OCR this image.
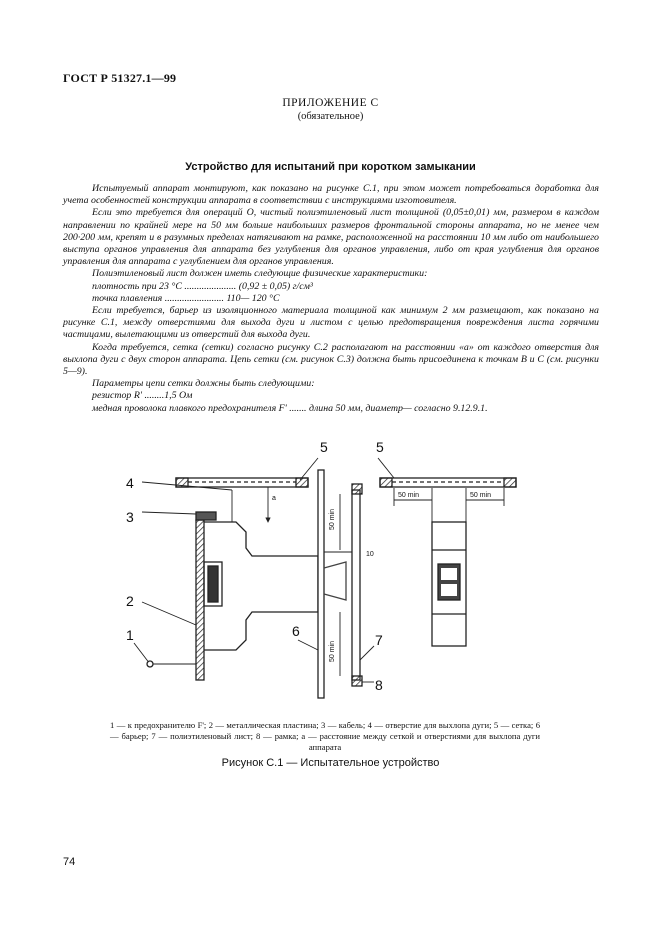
ГОСТ Р 51327.1—99
ПРИЛОЖЕНИЕ С
(обязательное)
Устройство для испытаний при коротком замыкании

Испытуемый аппарат монтируют, как показано на рисунке С.1, при этом может потребоваться доработка для учета особенностей конструкции аппарата в соответствии с инструкциями изготовителя.

Если это требуется для операций О, чистый полиэтиленовый лист толщиной (0,05±0,01) мм, размером в каждом направлении по крайней мере на 50 мм больше наибольших размеров фронтальной стороны аппарата, но не менее чем 200·200 мм, крепят и в разумных пределах натягивают на рамке, расположенной на расстоянии 10 мм либо от наибольшего выступа органов управления для аппарата без углубления для органов управления, либо от края углубления для органов управления для аппарата с углублением для органов управления.

Полиэтиленовый лист должен иметь следующие физические характеристики:

плотность при 23 °С ..................... (0,92 ± 0,05) г/см³

точка плавления ........................ 110— 120 °С

Если требуется, барьер из изоляционного материала толщиной как минимум 2 мм размещают, как показано на рисунке С.1, между отверстиями для выхода дуги и листом с целью предотвращения повреждения листа горячими частицами, вылетающими из отверстий для выхода дуги.

Когда требуется, сетка (сетки) согласно рисунку С.2 располагают на расстоянии «а» от каждого отверстия для выхлопа дуги с двух сторон аппарата. Цепь сетки (см. рисунок С.3) должна быть присоединена к точкам В и С (см. рисунки 5—9).

Параметры цепи сетки должны быть следующими:

резистор R' ........1,5 Ом

медная проволока плавкого предохранителя F' ....... длина 50 мм, диаметр— согласно 9.12.9.1.

4
3
2
1
5
6
7
8
5
a
50 min
50 min
10
50 min	50 min
1 — к предохранителю F'; 2 — металлическая пластина; 3 — кабель; 4 — отверстие для выхлопа дуги; 5 — сетка; 6 — барьер; 7 — полиэтиленовый лист; 8 — рамка; а — расстояние между сеткой и отверстиями для выхлопа дуги аппарата
Рисунок С.1 — Испытательное устройство
74
